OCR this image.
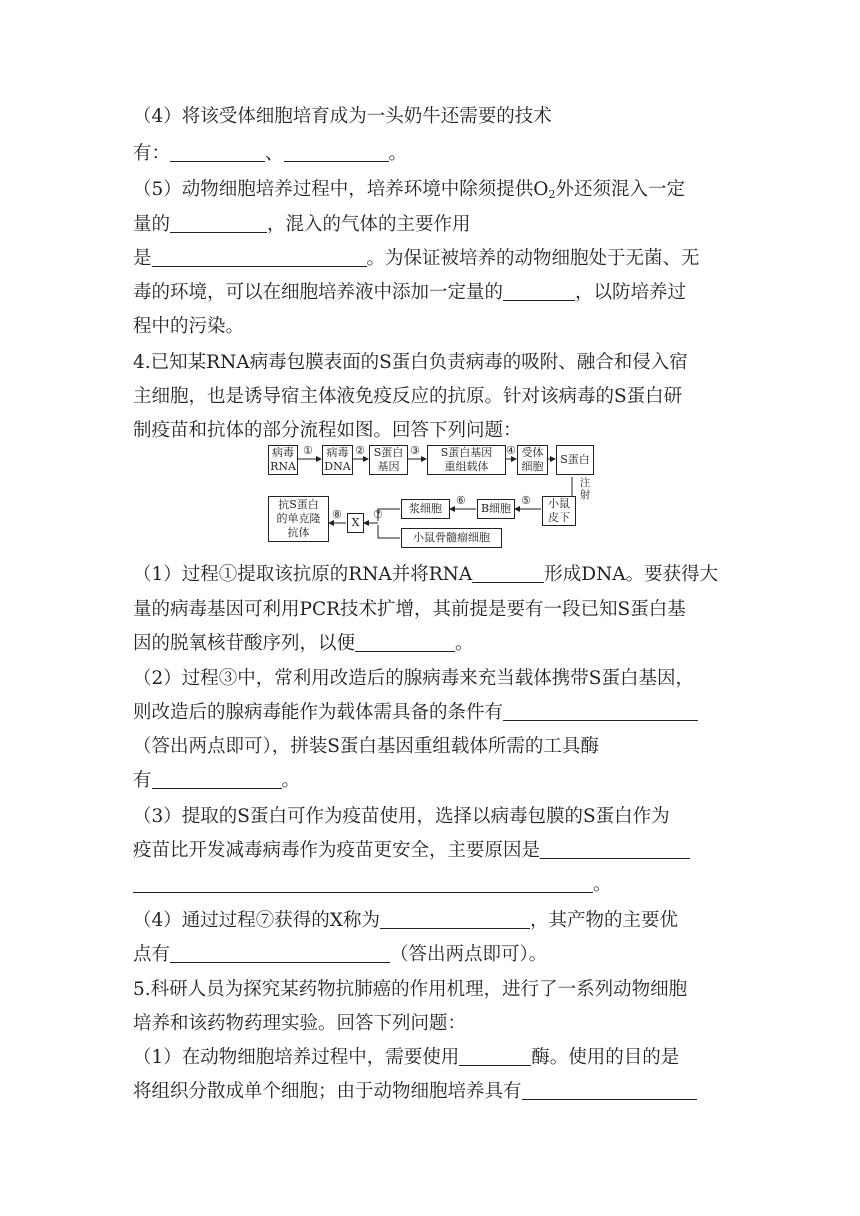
（4）将该受体细胞培育成为一头奶牛还需要的技术
有：	、	。
（5）动物细胞培养过程中，培养环境中除须提供$O_2$外还须混入一定
量的	，混入的气体的主要作用
是	。为保证被培养的动物细胞处于无菌、无
毒的环境，可以在细胞培养液中添加一定量的	，以防培养过
程中的污染。
4.已知某RNA病毒包膜表面的S蛋白负责病毒的吸附、融合和侵入宿
主细胞，也是诱导宿主体液免疫反应的抗原。针对该病毒的S蛋白研
制疫苗和抗体的部分流程如图。回答下列问题：
病毒
RNA
病毒
DNA
S蛋白
基因
S蛋白基因
重组载体
受体
细胞
S蛋白
小鼠
皮下
B细胞
浆细胞
小鼠骨髓瘤细胞
X
抗S蛋白
的单克隆
抗体
①	②	③	④
⑤
⑥
⑦
⑧
注
射
（1）过程①提取该抗原的RNA并将RNA	形成DNA。要获得大
量的病毒基因可利用PCR技术扩增，其前提是要有一段已知S蛋白基
因的脱氧核苷酸序列，以便	。
（2）过程③中，常利用改造后的腺病毒来充当载体携带S蛋白基因，
则改造后的腺病毒能作为载体需具备的条件有
（答出两点即可），拼装S蛋白基因重组载体所需的工具酶
有	。
（3）提取的S蛋白可作为疫苗使用，选择以病毒包膜的S蛋白作为
疫苗比开发减毒病毒作为疫苗更安全，主要原因是
。
（4）通过过程⑦获得的X称为	，其产物的主要优
点有	（答出两点即可）。
5.科研人员为探究某药物抗肺癌的作用机理，进行了一系列动物细胞
培养和该药物药理实验。回答下列问题：
（1）在动物细胞培养过程中，需要使用	酶。使用的目的是
将组织分散成单个细胞；由于动物细胞培养具有
